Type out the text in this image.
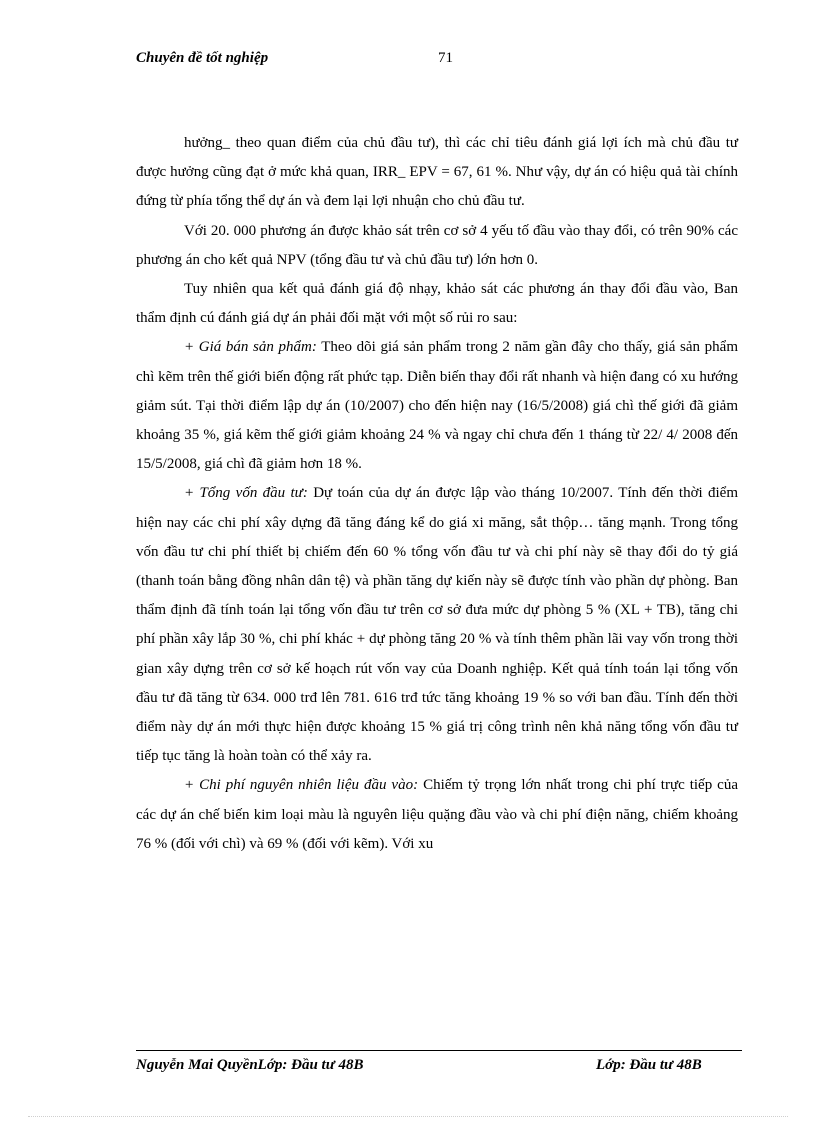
Chuyên đề tốt nghiệp	71

hưởng_ theo quan điểm của chủ đầu tư), thì các chỉ tiêu đánh giá lợi ích mà chủ đầu tư được hưởng cũng đạt ở mức khả quan, IRR_ EPV = 67, 61 %. Như vậy, dự án có hiệu quả tài chính đứng từ phía tổng thể dự án và đem lại lợi nhuận cho chủ đầu tư.

Với 20. 000 phương án được khảo sát trên cơ sở 4 yếu tố đầu vào thay đổi, có trên 90% các phương án cho kết quả NPV (tổng đầu tư và chủ đầu tư) lớn hơn 0.

Tuy nhiên qua kết quả đánh giá độ nhạy, khảo sát các phương án thay đổi đầu vào, Ban thẩm định cú đánh giá dự án phải đối mặt với một số rủi ro sau:

+ Giá bán sản phẩm: Theo dõi giá sản phẩm trong 2 năm gần đây cho thấy, giá sản phẩm chì kẽm trên thế giới biến động rất phức tạp. Diễn biến thay đổi rất nhanh và hiện đang có xu hướng giảm sút. Tại thời điểm lập dự án (10/2007) cho đến hiện nay (16/5/2008) giá chì thế giới đã giảm khoảng 35 %, giá kẽm thế giới giảm khoảng 24 % và ngay chỉ chưa đến 1 tháng từ 22/ 4/ 2008 đến 15/5/2008, giá chì đã giảm hơn 18 %.

+ Tổng vốn đầu tư: Dự toán của dự án được lập vào tháng 10/2007. Tính đến thời điểm hiện nay các chi phí xây dựng đã tăng đáng kể do giá xi măng, sắt thộp… tăng mạnh. Trong tổng vốn đầu tư chi phí thiết bị chiếm đến 60 % tổng vốn đầu tư và chi phí này sẽ thay đổi do tỷ giá (thanh toán bằng đồng nhân dân tệ) và phần tăng dự kiến này sẽ được tính vào phần dự phòng. Ban thẩm định đã tính toán lại tổng vốn đầu tư trên cơ sở đưa mức dự phòng 5 % (XL + TB), tăng chi phí phần xây lắp 30 %, chi phí khác + dự phòng tăng 20 % và tính thêm phần lãi vay vốn trong thời gian xây dựng trên cơ sở kế hoạch rút vốn vay của Doanh nghiệp. Kết quả tính toán lại tổng vốn đầu tư đã tăng từ 634. 000 trđ lên 781. 616 trđ tức tăng khoảng 19 % so với ban đầu. Tính đến thời điểm này dự án mới thực hiện được khoảng 15 % giá trị công trình nên khả năng tổng vốn đầu tư tiếp tục tăng là hoàn toàn có thể xảy ra.

+ Chi phí nguyên nhiên liệu đầu vào: Chiếm tỷ trọng lớn nhất trong chi phí trực tiếp của các dự án chế biến kim loại màu là nguyên liệu quặng đầu vào và chi phí điện năng, chiếm khoảng 76 % (đối với chì) và 69 % (đối với kẽm). Với xu

Nguyễn Mai QuyềnLớp: Đầu tư 48B	Lớp: Đầu tư 48B
